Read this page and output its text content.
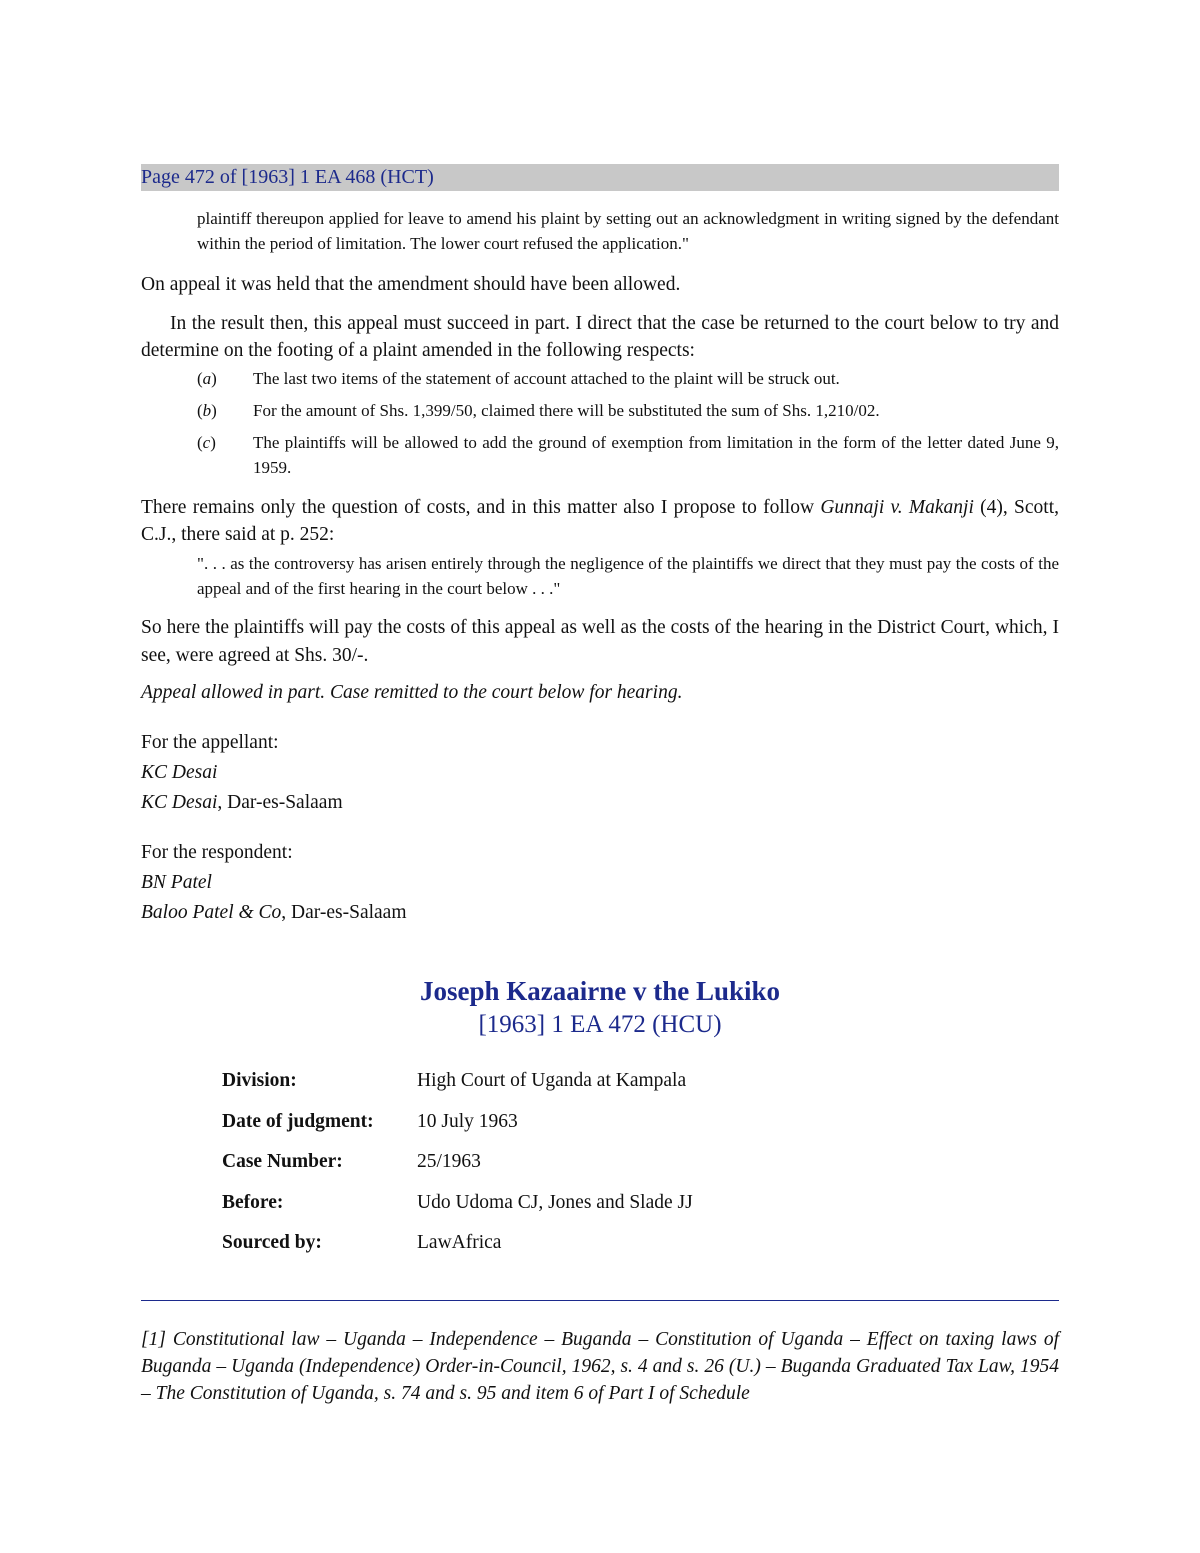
Page 472 of [1963] 1 EA 468 (HCT)
plaintiff thereupon applied for leave to amend his plaint by setting out an acknowledgment in writing signed by the defendant within the period of limitation. The lower court refused the application."
On appeal it was held that the amendment should have been allowed.
In the result then, this appeal must succeed in part. I direct that the case be returned to the court below to try and determine on the footing of a plaint amended in the following respects:
(a)	The last two items of the statement of account attached to the plaint will be struck out.
(b)	For the amount of Shs. 1,399/50, claimed there will be substituted the sum of Shs. 1,210/02.
(c)	The plaintiffs will be allowed to add the ground of exemption from limitation in the form of the letter dated June 9, 1959.
There remains only the question of costs, and in this matter also I propose to follow Gunnaji v. Makanji (4), Scott, C.J., there said at p. 252:
". . . as the controversy has arisen entirely through the negligence of the plaintiffs we direct that they must pay the costs of the appeal and of the first hearing in the court below . . ."
So here the plaintiffs will pay the costs of this appeal as well as the costs of the hearing in the District Court, which, I see, were agreed at Shs. 30/-.
Appeal allowed in part. Case remitted to the court below for hearing.
For the appellant:
KC Desai
KC Desai, Dar-es-Salaam
For the respondent:
BN Patel
Baloo Patel & Co, Dar-es-Salaam
Joseph Kazaairne v the Lukiko
[1963] 1 EA 472 (HCU)
Division:	High Court of Uganda at Kampala
Date of judgment: 10 July 1963
Case Number:	25/1963
Before:	Udo Udoma CJ, Jones and Slade JJ
Sourced by:	LawAfrica
[1] Constitutional law – Uganda – Independence – Buganda – Constitution of Uganda – Effect on taxing laws of Buganda – Uganda (Independence) Order-in-Council, 1962, s. 4 and s. 26 (U.) – Buganda Graduated Tax Law, 1954 – The Constitution of Uganda, s. 74 and s. 95 and item 6 of Part I of Schedule
